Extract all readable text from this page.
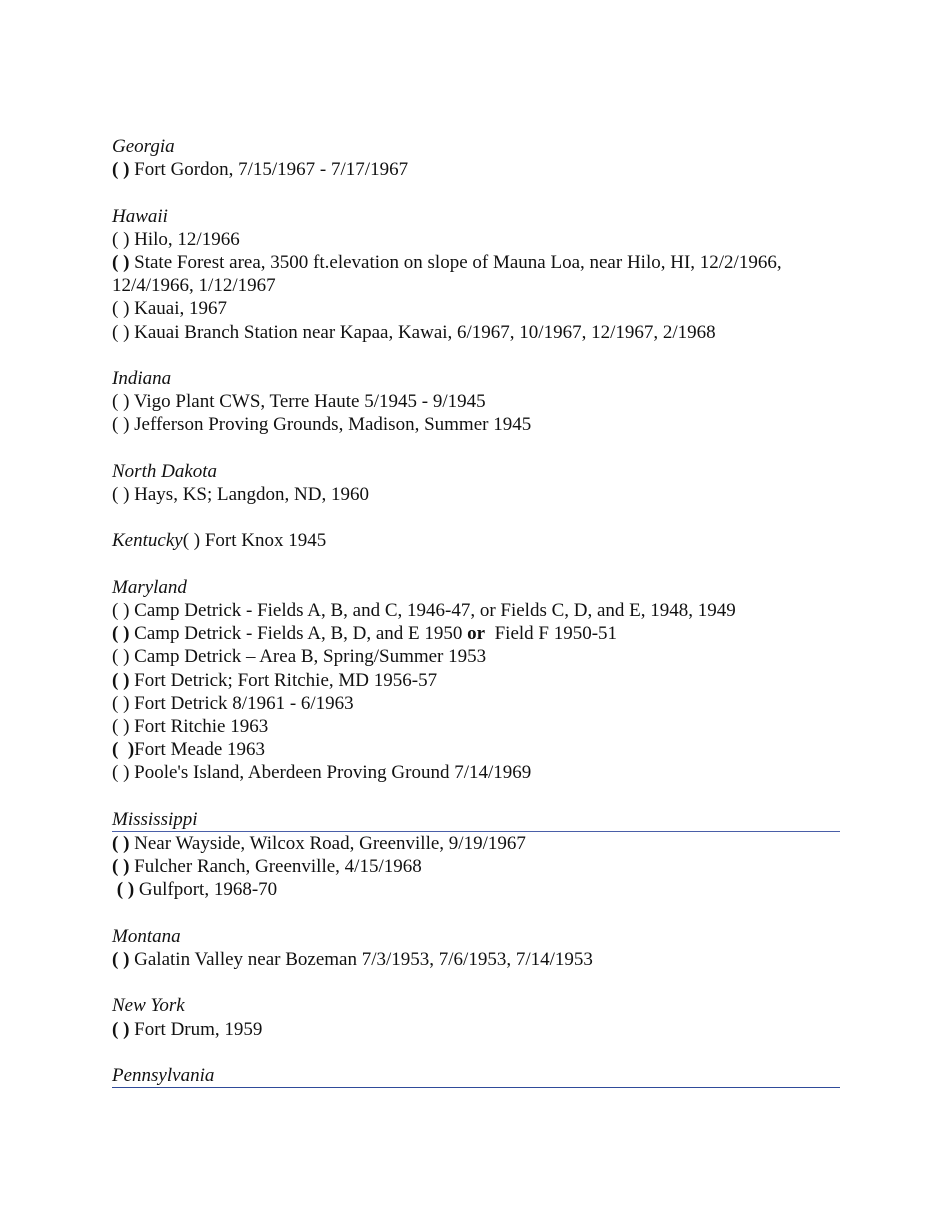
Georgia
( ) Fort Gordon, 7/15/1967 - 7/17/1967
Hawaii
( ) Hilo, 12/1966
( ) State Forest area, 3500 ft.elevation on slope of Mauna Loa, near Hilo, HI, 12/2/1966, 12/4/1966, 1/12/1967
( ) Kauai, 1967
( ) Kauai Branch Station near Kapaa, Kawai, 6/1967, 10/1967, 12/1967, 2/1968
Indiana
( ) Vigo Plant CWS, Terre Haute 5/1945 - 9/1945
( ) Jefferson Proving Grounds, Madison, Summer 1945
North Dakota
( ) Hays, KS; Langdon, ND, 1960
Kentucky( ) Fort Knox 1945
Maryland
( ) Camp Detrick - Fields A, B, and C, 1946-47, or Fields C, D, and E, 1948, 1949
( ) Camp Detrick - Fields A, B, D, and E 1950 or  Field F 1950-51
( ) Camp Detrick – Area B, Spring/Summer 1953
( ) Fort Detrick; Fort Ritchie, MD 1956-57
( ) Fort Detrick 8/1961 - 6/1963
( ) Fort Ritchie 1963
(  )Fort Meade 1963
( ) Poole's Island, Aberdeen Proving Ground 7/14/1969
Mississippi
( ) Near Wayside, Wilcox Road, Greenville, 9/19/1967
( ) Fulcher Ranch, Greenville, 4/15/1968
( ) Gulfport, 1968-70
Montana
( ) Galatin Valley near Bozeman 7/3/1953, 7/6/1953, 7/14/1953
New York
( ) Fort Drum, 1959
Pennsylvania
